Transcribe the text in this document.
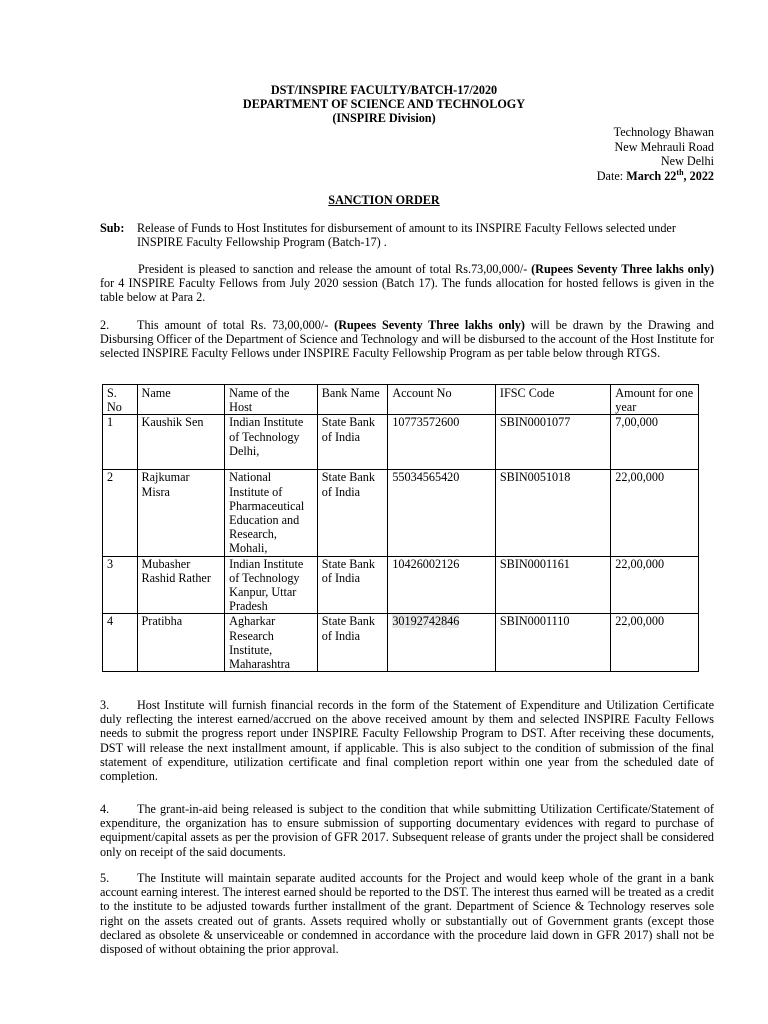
DST/INSPIRE FACULTY/BATCH-17/2020
DEPARTMENT OF SCIENCE AND TECHNOLOGY
(INSPIRE Division)
Technology Bhawan
New Mehrauli Road
New Delhi
Date: March 22th, 2022
SANCTION ORDER
Sub: Release of Funds to Host Institutes for disbursement of amount to its INSPIRE Faculty Fellows selected under INSPIRE Faculty Fellowship Program (Batch-17) .
President is pleased to sanction and release the amount of total Rs.73,00,000/- (Rupees Seventy Three lakhs only) for 4 INSPIRE Faculty Fellows from July 2020 session (Batch 17). The funds allocation for hosted fellows is given in the table below at Para 2.
2. This amount of total Rs. 73,00,000/- (Rupees Seventy Three lakhs only) will be drawn by the Drawing and Disbursing Officer of the Department of Science and Technology and will be disbursed to the account of the Host Institute for selected INSPIRE Faculty Fellows under INSPIRE Faculty Fellowship Program as per table below through RTGS.
S. No	Name	Name of the Host	Bank Name	Account No	IFSC Code	Amount for one year
1	Kaushik Sen	Indian Institute of Technology Delhi,	State Bank of India	10773572600	SBIN0001077	7,00,000
2	Rajkumar Misra	National Institute of Pharmaceutical Education and Research, Mohali,	State Bank of India	55034565420	SBIN0051018	22,00,000
3	Mubasher Rashid Rather	Indian Institute of Technology Kanpur, Uttar Pradesh	State Bank of India	10426002126	SBIN0001161	22,00,000
4	Pratibha	Agharkar Research Institute, Maharashtra	State Bank of India	30192742846	SBIN0001110	22,00,000
3. Host Institute will furnish financial records in the form of the Statement of Expenditure and Utilization Certificate duly reflecting the interest earned/accrued on the above received amount by them and selected INSPIRE Faculty Fellows needs to submit the progress report under INSPIRE Faculty Fellowship Program to DST. After receiving these documents, DST will release the next installment amount, if applicable. This is also subject to the condition of submission of the final statement of expenditure, utilization certificate and final completion report within one year from the scheduled date of completion.
4. The grant-in-aid being released is subject to the condition that while submitting Utilization Certificate/Statement of expenditure, the organization has to ensure submission of supporting documentary evidences with regard to purchase of equipment/capital assets as per the provision of GFR 2017. Subsequent release of grants under the project shall be considered only on receipt of the said documents.
5. The Institute will maintain separate audited accounts for the Project and would keep whole of the grant in a bank account earning interest. The interest earned should be reported to the DST. The interest thus earned will be treated as a credit to the institute to be adjusted towards further installment of the grant. Department of Science & Technology reserves sole right on the assets created out of grants. Assets required wholly or substantially out of Government grants (except those declared as obsolete & unserviceable or condemned in accordance with the procedure laid down in GFR 2017) shall not be disposed of without obtaining the prior approval.
